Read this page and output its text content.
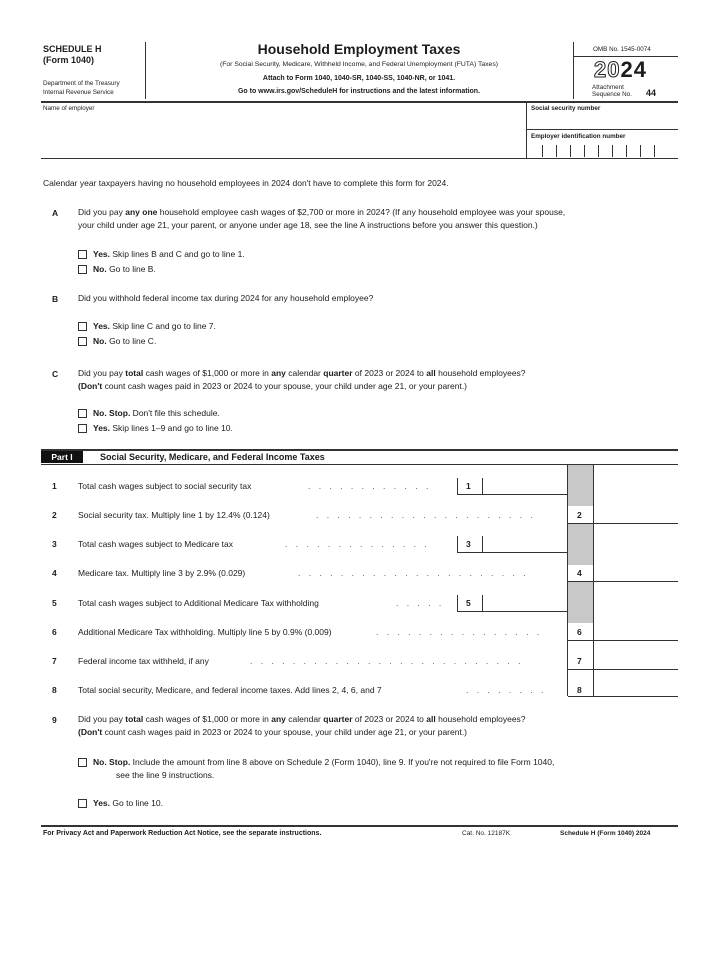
SCHEDULE H
(Form 1040)
Department of the Treasury
Internal Revenue Service
Household Employment Taxes
(For Social Security, Medicare, Withheld Income, and Federal Unemployment (FUTA) Taxes)
Attach to Form 1040, 1040-SR, 1040-SS, 1040-NR, or 1041.
Go to www.irs.gov/ScheduleH for instructions and the latest information.
OMB No. 1545-0074
2024
Attachment
Sequence No. 44
Name of employer	Social security number
Employer identification number
Calendar year taxpayers having no household employees in 2024 don't have to complete this form for 2024.
A Did you pay any one household employee cash wages of $2,700 or more in 2024? (If any household employee was your spouse,
your child under age 21, your parent, or anyone under age 18, see the line A instructions before you answer this question.)
Yes. Skip lines B and C and go to line 1.
No. Go to line B.
B Did you withhold federal income tax during 2024 for any household employee?
Yes. Skip line C and go to line 7.
No. Go to line C.
C Did you pay total cash wages of $1,000 or more in any calendar quarter of 2023 or 2024 to all household employees?
(Don't count cash wages paid in 2023 or 2024 to your spouse, your child under age 21, or your parent.)
No. Stop. Don't file this schedule.
Yes. Skip lines 1–9 and go to line 10.
Part I	Social Security, Medicare, and Federal Income Taxes
1	Total cash wages subject to social security tax	. . . . . . . . . . . .	1
2	Social security tax. Multiply line 1 by 12.4% (0.124)	. . . . . . . . . . . . . . . . . . . . .	2
3	Total cash wages subject to Medicare tax	. . . . . . . . . . . . . .	3
4	Medicare tax. Multiply line 3 by 2.9% (0.029)	. . . . . . . . . . . . . . . . . . . . . .	4
5	Total cash wages subject to Additional Medicare Tax withholding	. . . . .	5
6	Additional Medicare Tax withholding. Multiply line 5 by 0.9% (0.009)	. . . . . . . . . . . . . . . .	6
7	Federal income tax withheld, if any	. . . . . . . . . . . . . . . . . . . . . . . . . .	7
8	Total social security, Medicare, and federal income taxes. Add lines 2, 4, 6, and 7	. . . . . . . .	8
9	Did you pay total cash wages of $1,000 or more in any calendar quarter of 2023 or 2024 to all household employees?
(Don't count cash wages paid in 2023 or 2024 to your spouse, your child under age 21, or your parent.)
No. Stop. Include the amount from line 8 above on Schedule 2 (Form 1040), line 9. If you're not required to file Form 1040,
see the line 9 instructions.
Yes. Go to line 10.
For Privacy Act and Paperwork Reduction Act Notice, see the separate instructions.	Cat. No. 12187K	Schedule H (Form 1040) 2024
